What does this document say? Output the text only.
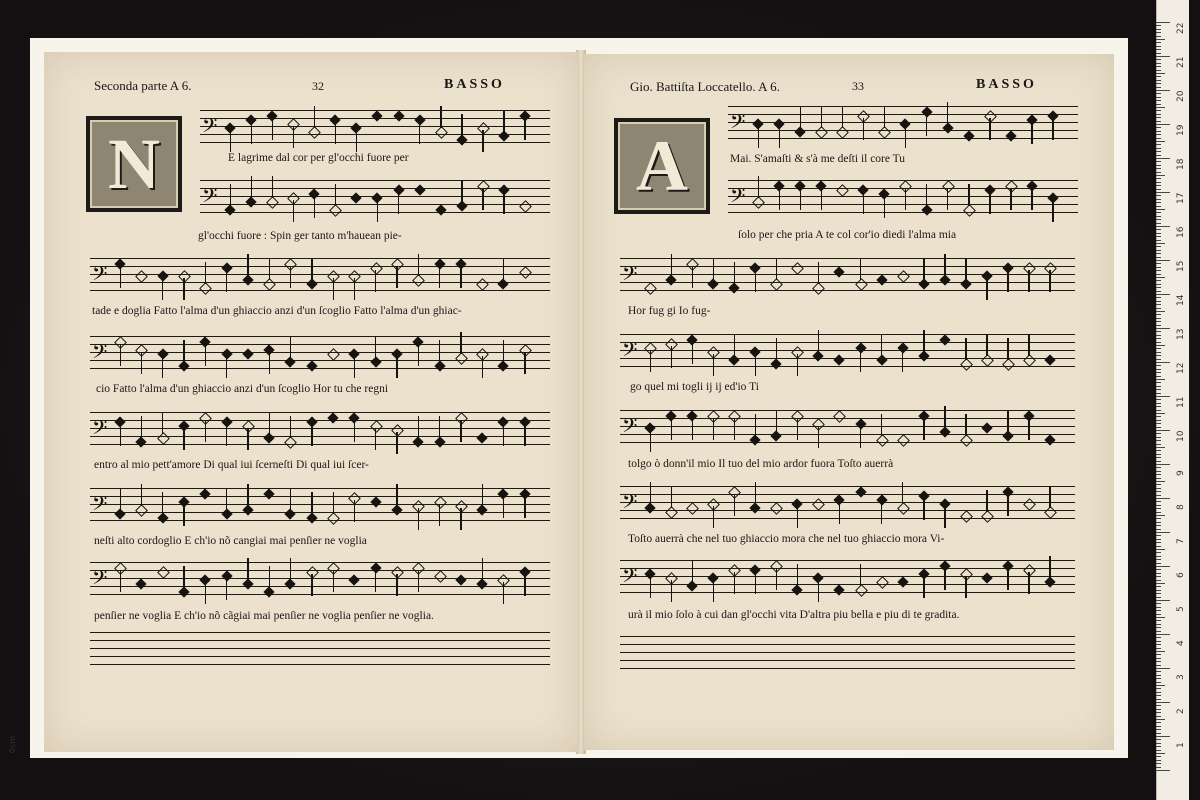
Seconda parte A 6.	32	BASSO
N
Gio. Battiſta Loccatello. A 6.	33	BASSO
A
E lagrime dal cor per gl'occhi fuore per
gl'occhi fuore : Spin ger tanto m'hauean pie-
tade e doglia Fatto l'alma d'un ghiaccio anzi d'un ſcoglio Fatto l'alma d'un ghiac-
cio Fatto l'alma d'un ghiaccio anzi d'un ſcoglio Hor tu che regni
entro al mio pett'amore Di qual iui ſcerneſti Di qual iui ſcer-
neſti alto cordoglio E ch'io nõ cangiai mai penſier ne voglia
penſier ne voglia E ch'io nõ cãgiai mai penſier ne voglia penſier ne voglia.
Mai. S'amaſti & s'à me deſti il core Tu
ſolo per che pria A te col cor'io diedi l'alma mia
Hor fug gi Io fug-
go quel mi togli ij ij ed'io Ti
tolgo ò donn'il mio Il tuo del mio ardor fuora Toſto auerrà
Toſto auerrà che nel tuo ghiaccio mora che nel tuo ghiaccio mora Vi-
urà il mio ſolo à cui dan gl'occhi vita D'altra piu bella e piu di te gradita.
0cm
𝄢
𝄢
𝄢
𝄢
𝄢
𝄢
𝄢
𝄢
𝄢
𝄢
𝄢
𝄢
𝄢
𝄢
1
2
3
4
5
6
7
8
9
10
11
12
13
14
15
16
17
18
19
20
21
22
